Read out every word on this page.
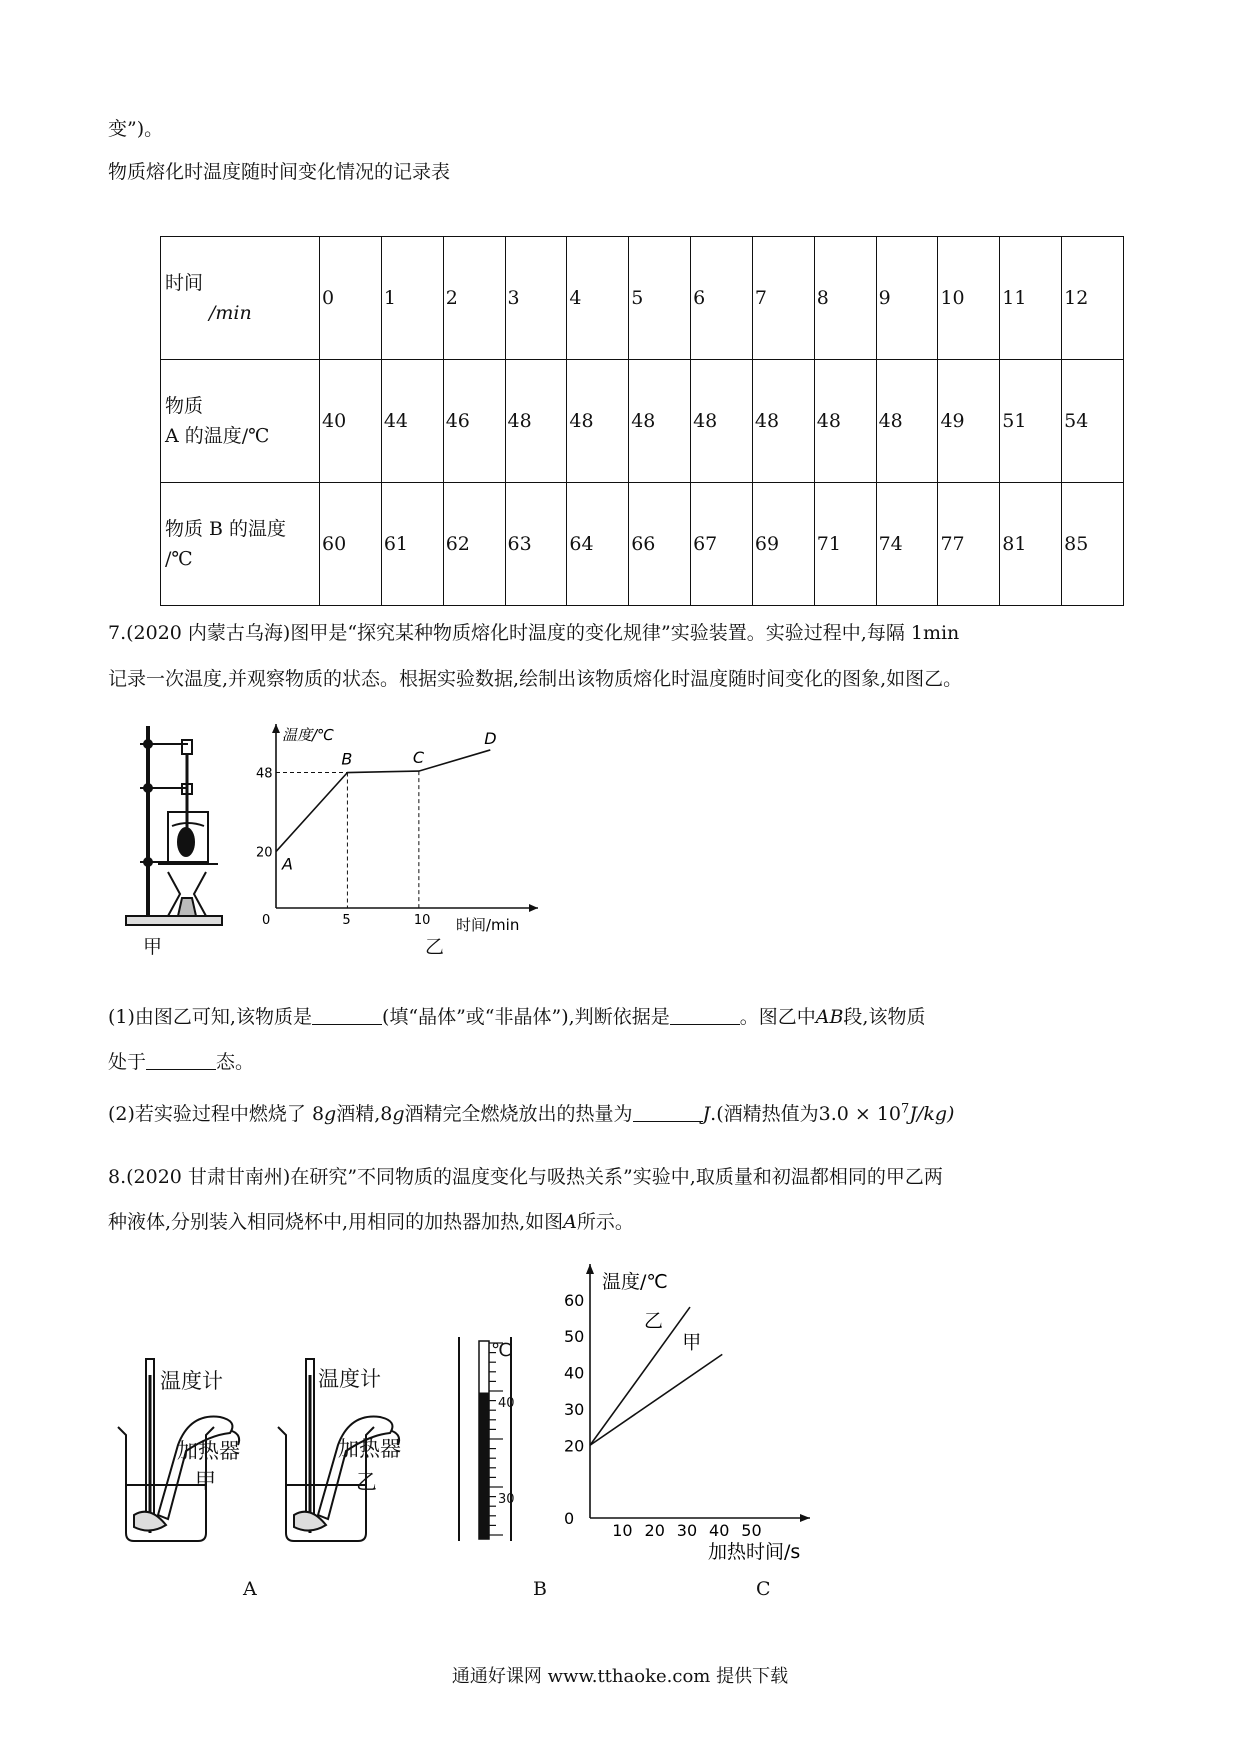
变”)。
物质熔化时温度随时间变化情况的记录表
时间
/min	0	1	2	3	4	5	6	7	8	9	10	11	12

物质
A 的温度/℃	40	44	46	48	48	48	48	48	48	48	49	51	54

物质 B 的温度
/℃	60	61	62	63	64	66	67	69	71	74	77	81	85
7.(2020 内蒙古乌海)图甲是“探究某种物质熔化时温度的变化规律”实验装置。实验过程中,每隔 1min
记录一次温度,并观察物质的状态。根据实验数据,绘制出该物质熔化时温度随时间变化的图象,如图乙。
甲
温度/℃
时间/min
A
B	C
D
0	5	10
20
48
乙
(1)由图乙可知,该物质是	(填“晶体”或“非晶体”),判断依据是	。图乙中AB段,该物质
处于	态。
(2)若实验过程中燃烧了 8g酒精,8g酒精完全燃烧放出的热量为	J.(酒精热值为$3.0 \times 10^7J/kg$)
8.(2020 甘肃甘南州)在研究”不同物质的温度变化与吸热关系”实验中,取质量和初温都相同的甲乙两
种液体,分别装入相同烧杯中,用相同的加热器加热,如图A所示。
温度计
加热器
甲
温度计
加热器
乙
℃
40
30
温度/℃
加热时间/s
0
20
30
40
50
60
10 20 30 40 50
乙
甲
A	B	C
通通好课网 www.tthaoke.com 提供下载
